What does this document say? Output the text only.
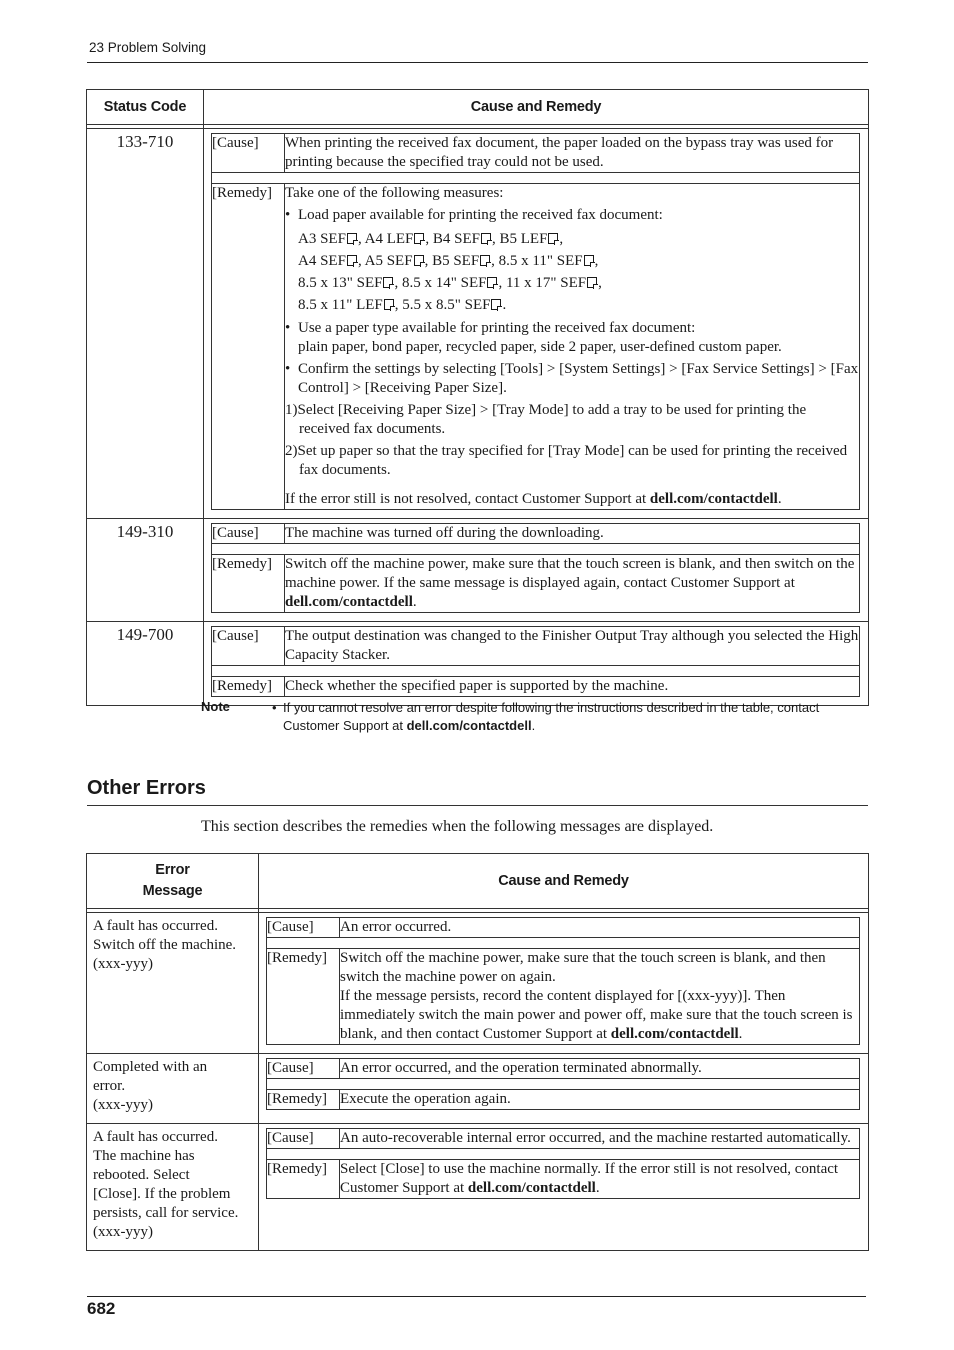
23 Problem Solving
Status Code	Cause and Remedy

133-710		[Cause]	When printing the received fax document, the paper loaded on the bypass tray was used for printing because the specified tray could not be used.

[Remedy]	Take one of the following measures:
• Load paper available for printing the received fax document:
A3 SEF , A4 LEF , B4 SEF , B5 LEF ,
A4 SEF , A5 SEF , B5 SEF , 8.5 x 11" SEF ,
8.5 x 13" SEF , 8.5 x 14" SEF , 11 x 17" SEF ,
8.5 x 11" LEF , 5.5 x 8.5" SEF .
• Use a paper type available for printing the received fax document:
plain paper, bond paper, recycled paper, side 2 paper, user-defined custom paper.
• Confirm the settings by selecting [Tools] > [System Settings] > [Fax Service Settings] > [Fax Control] > [Receiving Paper Size].
1)Select [Receiving Paper Size] > [Tray Mode] to add a tray to be used for printing the received fax documents.
2)Set up paper so that the tray specified for [Tray Mode] can be used for printing the received fax documents.
If the error still is not resolved, contact Customer Support at dell.com/contactdell.

149-310		[Cause]	The machine was turned off during the downloading.

[Remedy]	Switch off the machine power, make sure that the touch screen is blank, and then switch on the machine power. If the same message is displayed again, contact Customer Support at dell.com/contactdell.

149-700		[Cause]	The output destination was changed to the Finisher Output Tray although you selected the High Capacity Stacker.

[Remedy]	Check whether the specified paper is supported by the machine.
Note	• If you cannot resolve an error despite following the instructions described in the table, contact Customer Support at dell.com/contactdell.
Other Errors
This section describes the remedies when the following messages are displayed.
Error
Message	Cause and Remedy

A fault has occurred.
Switch off the machine.
(xxx-yyy)

[Cause]	An error occurred.

[Remedy]	Switch off the machine power, make sure that the touch screen is blank, and then switch the machine power on again.
If the message persists, record the content displayed for [(xxx-yyy)]. Then immediately switch the main power and power off, make sure that the touch screen is blank, and then contact Customer Support at dell.com/contactdell.

Completed with an
error.
(xxx-yyy)

[Cause]	An error occurred, and the operation terminated abnormally.

[Remedy]	Execute the operation again.

A fault has occurred.
The machine has
rebooted. Select
[Close]. If the problem
persists, call for service.
(xxx-yyy)

[Cause]	An auto-recoverable internal error occurred, and the machine restarted automatically.

[Remedy]	Select [Close] to use the machine normally. If the error still is not resolved, contact Customer Support at dell.com/contactdell.
682
